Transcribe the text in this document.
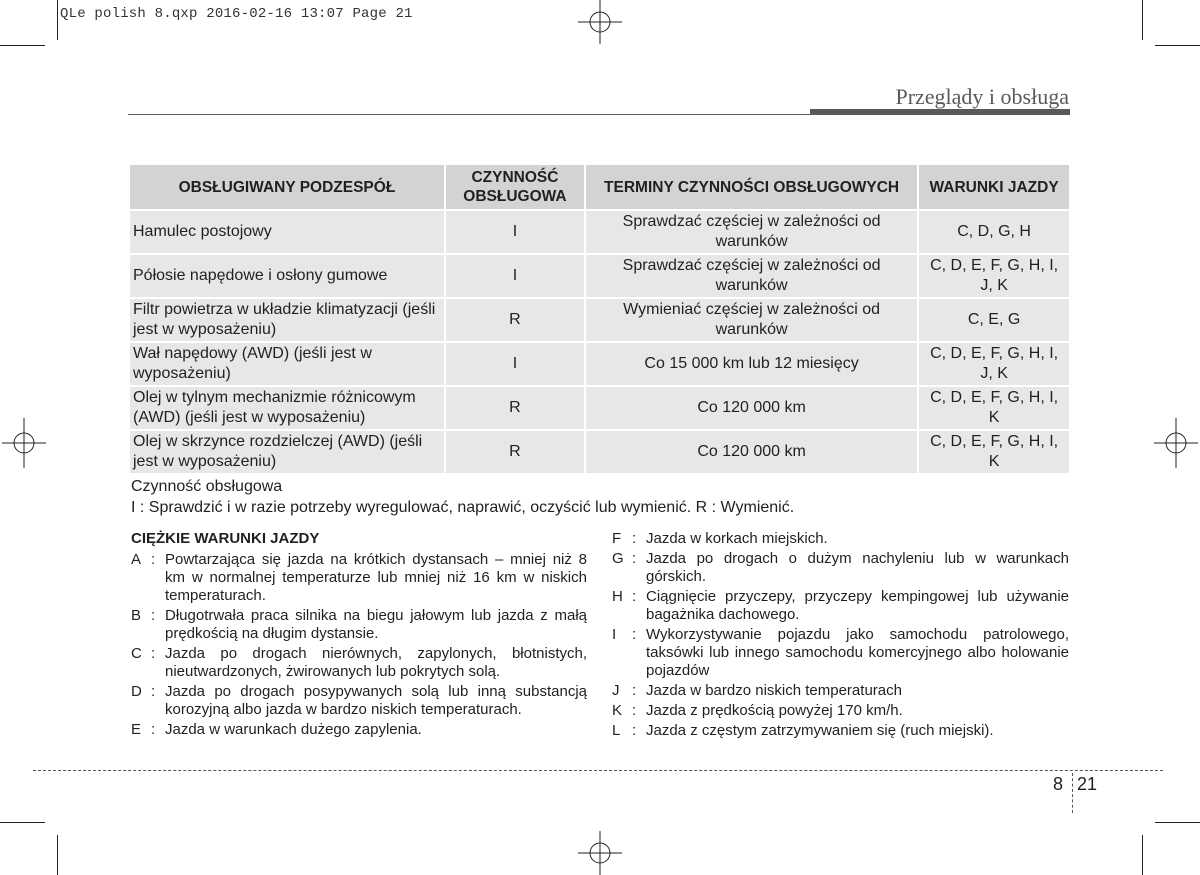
QLe polish 8.qxp 2016-02-16 13:07 Page 21
Przeglądy i obsługa
OBSŁUGIWANY PODZESPÓŁ	CZYNNOŚĆ OBSŁUGOWA	TERMINY CZYNNOŚCI OBSŁUGOWYCH	WARUNKI JAZDY
Hamulec postojowy	I	Sprawdzać częściej w zależności od warunków	C, D, G, H
Półosie napędowe i osłony gumowe	I	Sprawdzać częściej w zależności od warunków	C, D, E, F, G, H, I, J, K
Filtr powietrza w układzie klimatyzacji (jeśli jest w wyposażeniu)	R	Wymieniać częściej w zależności od warunków	C, E, G
Wał napędowy (AWD) (jeśli jest w wyposażeniu)	I	Co 15 000 km lub 12 miesięcy	C, D, E, F, G, H, I, J, K
Olej w tylnym mechanizmie różnicowym (AWD) (jeśli jest w wyposażeniu)	R	Co 120 000 km	C, D, E, F, G, H, I, K
Olej w skrzynce rozdzielczej (AWD) (jeśli jest w wyposażeniu)	R	Co 120 000 km	C, D, E, F, G, H, I, K
Czynność obsługowa
I : Sprawdzić i w razie potrzeby wyregulować, naprawić, oczyścić lub wymienić. R : Wymienić.
CIĘŻKIE WARUNKI JAZDY
A : Powtarzająca się jazda na krótkich dystansach – mniej niż 8 km w normalnej temperaturze lub mniej niż 16 km w niskich temperaturach.
B : Długotrwała praca silnika na biegu jałowym lub jazda z małą prędkością na długim dystansie.
C : Jazda po drogach nierównych, zapylonych, błotnistych, nieutwardzonych, żwirowanych lub pokrytych solą.
D : Jazda po drogach posypywanych solą lub inną substancją korozyjną albo jazda w bardzo niskich temperaturach.
E : Jazda w warunkach dużego zapylenia.
F : Jazda w korkach miejskich.
G : Jazda po drogach o dużym nachyleniu lub w warunkach górskich.
H : Ciągnięcie przyczepy, przyczepy kempingowej lub używanie bagażnika dachowego.
I	: Wykorzystywanie pojazdu jako samochodu patrolowego, taksówki lub innego samochodu komercyjnego albo holowanie pojazdów
J : Jazda w bardzo niskich temperaturach
K : Jazda z prędkością powyżej 170 km/h.
L : Jazda z częstym zatrzymywaniem się (ruch miejski).
8 21
